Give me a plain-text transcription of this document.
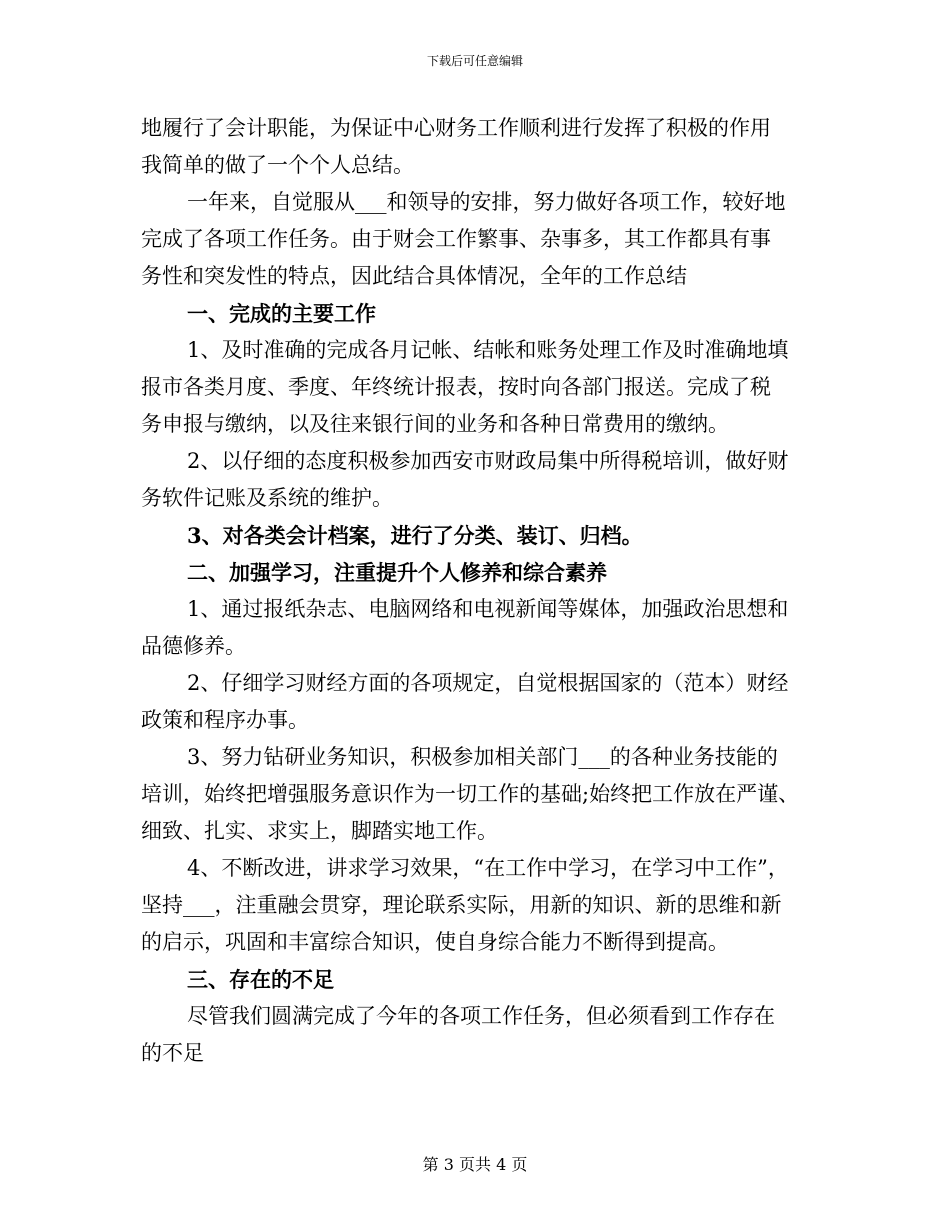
下载后可任意编辑
地履行了会计职能，为保证中心财务工作顺利进行发挥了积极的作用
我简单的做了一个个人总结。
一年来，自觉服从___和领导的安排，努力做好各项工作，较好地
完成了各项工作任务。由于财会工作繁事、杂事多，其工作都具有事
务性和突发性的特点，因此结合具体情况，全年的工作总结
一、完成的主要工作
1、及时准确的完成各月记帐、结帐和账务处理工作及时准确地填
报市各类月度、季度、年终统计报表，按时向各部门报送。完成了税
务申报与缴纳，以及往来银行间的业务和各种日常费用的缴纳。
2、以仔细的态度积极参加西安市财政局集中所得税培训，做好财
务软件记账及系统的维护。
3、对各类会计档案，进行了分类、装订、归档。
二、加强学习，注重提升个人修养和综合素养
1、通过报纸杂志、电脑网络和电视新闻等媒体，加强政治思想和
品德修养。
2、仔细学习财经方面的各项规定，自觉根据国家的（范本）财经
政策和程序办事。
3、努力钻研业务知识，积极参加相关部门___的各种业务技能的
培训，始终把增强服务意识作为一切工作的基础;始终把工作放在严谨、
细致、扎实、求实上，脚踏实地工作。
4、不断改进，讲求学习效果，“在工作中学习，在学习中工作”，
坚持___，注重融会贯穿，理论联系实际，用新的知识、新的思维和新
的启示，巩固和丰富综合知识，使自身综合能力不断得到提高。
三、存在的不足
尽管我们圆满完成了今年的各项工作任务，但必须看到工作存在
的不足
第 3 页共 4 页
